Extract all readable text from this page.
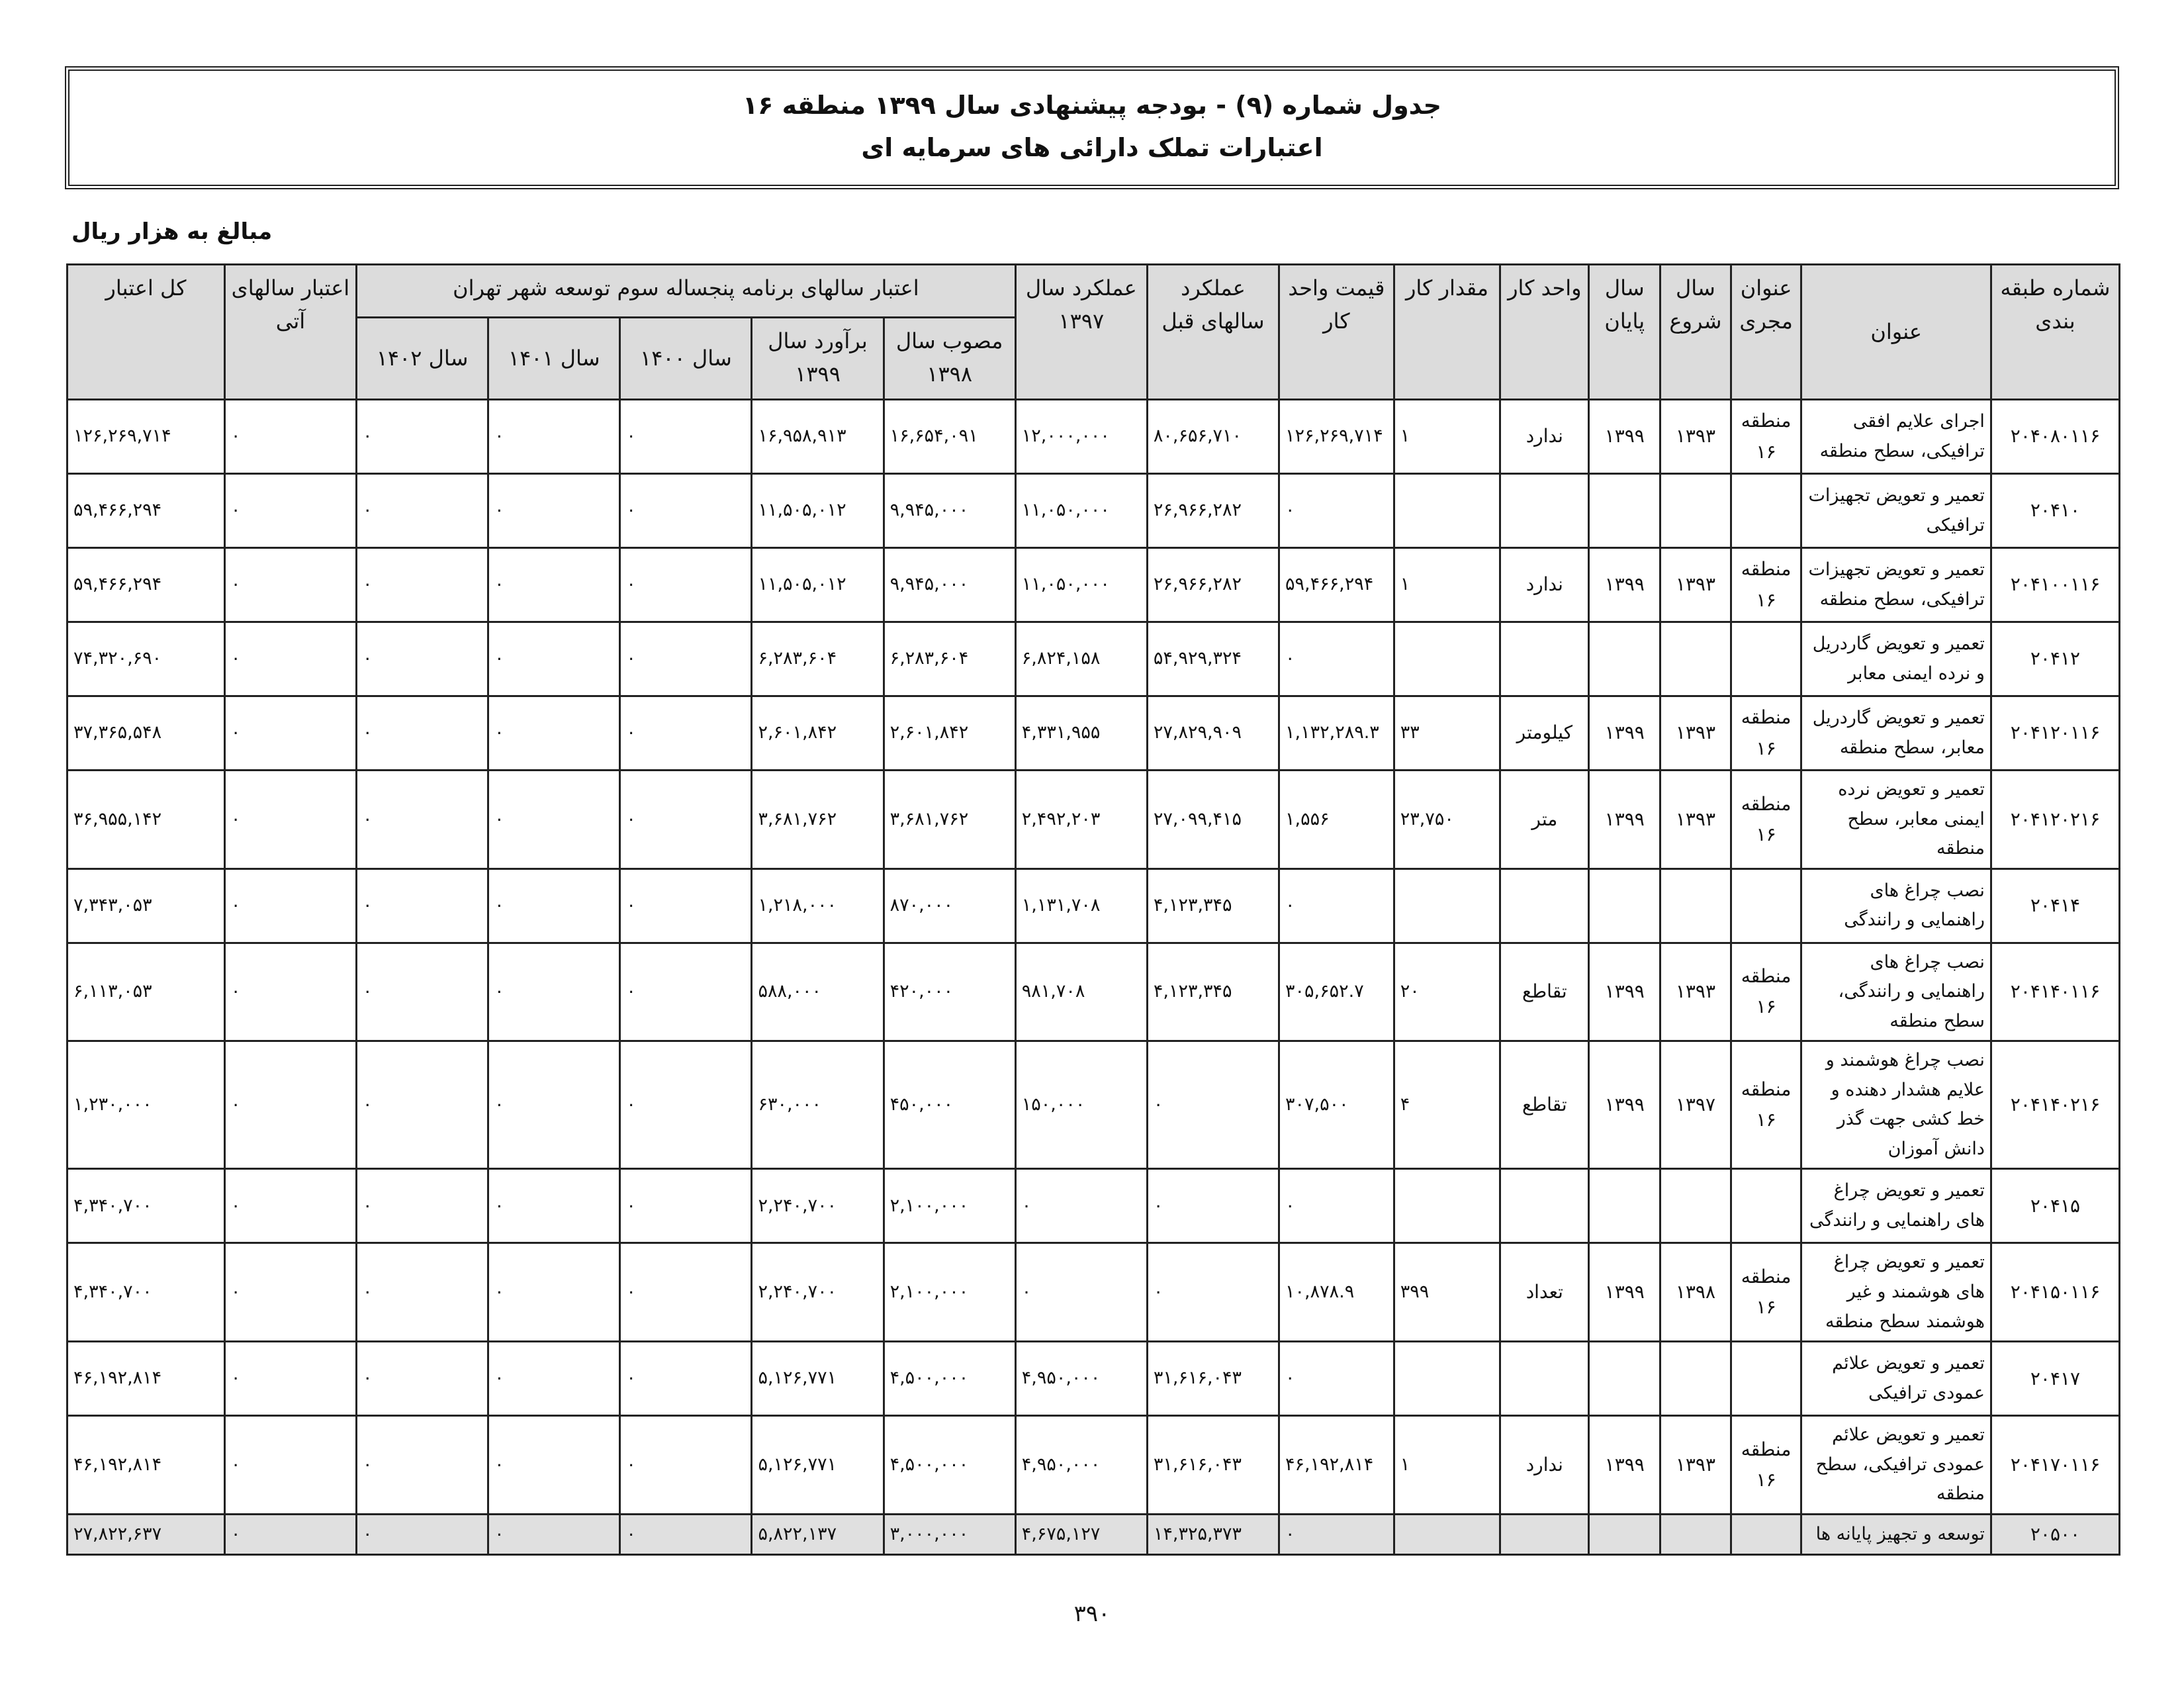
جدول شماره (۹) - بودجه پیشنهادی سال ۱۳۹۹ منطقه ۱۶
اعتبارات تملک دارائی های سرمایه ای
مبالغ به هزار ریال
شماره طبقه بندی	عنوان	عنوان مجری	سال شروع	سال پایان	واحد کار	مقدار کار	قیمت واحد کار	عملکرد سالهای قبل	عملکرد سال ۱۳۹۷	اعتبار سالهای برنامه پنجساله سوم توسعه شهر تهران					اعتبار سالهای آتی	کل اعتبار
										مصوب سال ۱۳۹۸	برآورد سال ۱۳۹۹	سال ۱۴۰۰	سال ۱۴۰۱	سال ۱۴۰۲		
۲۰۴۰۸۰۱۱۶	اجرای علایم افقی ترافیکی، سطح منطقه	منطقه ۱۶	۱۳۹۳	۱۳۹۹	ندارد	۱	۱۲۶,۲۶۹,۷۱۴	۸۰,۶۵۶,۷۱۰	۱۲,۰۰۰,۰۰۰	۱۶,۶۵۴,۰۹۱	۱۶,۹۵۸,۹۱۳	۰	۰	۰	۰	۱۲۶,۲۶۹,۷۱۴
۲۰۴۱۰	تعمیر و تعویض تجهیزات ترافیکی						۰	۲۶,۹۶۶,۲۸۲	۱۱,۰۵۰,۰۰۰	۹,۹۴۵,۰۰۰	۱۱,۵۰۵,۰۱۲	۰	۰	۰	۰	۵۹,۴۶۶,۲۹۴
۲۰۴۱۰۰۱۱۶	تعمیر و تعویض تجهیزات ترافیکی، سطح منطقه	منطقه ۱۶	۱۳۹۳	۱۳۹۹	ندارد	۱	۵۹,۴۶۶,۲۹۴	۲۶,۹۶۶,۲۸۲	۱۱,۰۵۰,۰۰۰	۹,۹۴۵,۰۰۰	۱۱,۵۰۵,۰۱۲	۰	۰	۰	۰	۵۹,۴۶۶,۲۹۴
۲۰۴۱۲	تعمیر و تعویض گاردریل و نرده ایمنی معابر						۰	۵۴,۹۲۹,۳۲۴	۶,۸۲۴,۱۵۸	۶,۲۸۳,۶۰۴	۶,۲۸۳,۶۰۴	۰	۰	۰	۰	۷۴,۳۲۰,۶۹۰
۲۰۴۱۲۰۱۱۶	تعمیر و تعویض گاردریل معابر، سطح منطقه	منطقه ۱۶	۱۳۹۳	۱۳۹۹	کیلومتر	۳۳	۱,۱۳۲,۲۸۹.۳	۲۷,۸۲۹,۹۰۹	۴,۳۳۱,۹۵۵	۲,۶۰۱,۸۴۲	۲,۶۰۱,۸۴۲	۰	۰	۰	۰	۳۷,۳۶۵,۵۴۸
۲۰۴۱۲۰۲۱۶	تعمیر و تعویض نرده ایمنی معابر، سطح منطقه	منطقه ۱۶	۱۳۹۳	۱۳۹۹	متر	۲۳,۷۵۰	۱,۵۵۶	۲۷,۰۹۹,۴۱۵	۲,۴۹۲,۲۰۳	۳,۶۸۱,۷۶۲	۳,۶۸۱,۷۶۲	۰	۰	۰	۰	۳۶,۹۵۵,۱۴۲
۲۰۴۱۴	نصب چراغ های راهنمایی و رانندگی						۰	۴,۱۲۳,۳۴۵	۱,۱۳۱,۷۰۸	۸۷۰,۰۰۰	۱,۲۱۸,۰۰۰	۰	۰	۰	۰	۷,۳۴۳,۰۵۳
۲۰۴۱۴۰۱۱۶	نصب چراغ های راهنمایی و رانندگی، سطح منطقه	منطقه ۱۶	۱۳۹۳	۱۳۹۹	تقاطع	۲۰	۳۰۵,۶۵۲.۷	۴,۱۲۳,۳۴۵	۹۸۱,۷۰۸	۴۲۰,۰۰۰	۵۸۸,۰۰۰	۰	۰	۰	۰	۶,۱۱۳,۰۵۳
۲۰۴۱۴۰۲۱۶	نصب چراغ هوشمند و علایم هشدار دهنده و خط کشی جهت گذر دانش آموزان	منطقه ۱۶	۱۳۹۷	۱۳۹۹	تقاطع	۴	۳۰۷,۵۰۰	۰	۱۵۰,۰۰۰	۴۵۰,۰۰۰	۶۳۰,۰۰۰	۰	۰	۰	۰	۱,۲۳۰,۰۰۰
۲۰۴۱۵	تعمیر و تعویض چراغ های راهنمایی و رانندگی						۰	۰	۰	۲,۱۰۰,۰۰۰	۲,۲۴۰,۷۰۰	۰	۰	۰	۰	۴,۳۴۰,۷۰۰
۲۰۴۱۵۰۱۱۶	تعمیر و تعویض چراغ های هوشمند و غیر هوشمند سطح منطقه	منطقه ۱۶	۱۳۹۸	۱۳۹۹	تعداد	۳۹۹	۱۰,۸۷۸.۹	۰	۰	۲,۱۰۰,۰۰۰	۲,۲۴۰,۷۰۰	۰	۰	۰	۰	۴,۳۴۰,۷۰۰
۲۰۴۱۷	تعمیر و تعویض علائم عمودی ترافیکی						۰	۳۱,۶۱۶,۰۴۳	۴,۹۵۰,۰۰۰	۴,۵۰۰,۰۰۰	۵,۱۲۶,۷۷۱	۰	۰	۰	۰	۴۶,۱۹۲,۸۱۴
۲۰۴۱۷۰۱۱۶	تعمیر و تعویض علائم عمودی ترافیکی، سطح منطقه	منطقه ۱۶	۱۳۹۳	۱۳۹۹	ندارد	۱	۴۶,۱۹۲,۸۱۴	۳۱,۶۱۶,۰۴۳	۴,۹۵۰,۰۰۰	۴,۵۰۰,۰۰۰	۵,۱۲۶,۷۷۱	۰	۰	۰	۰	۴۶,۱۹۲,۸۱۴
۲۰۵۰۰	توسعه و تجهیز پایانه ها						۰	۱۴,۳۲۵,۳۷۳	۴,۶۷۵,۱۲۷	۳,۰۰۰,۰۰۰	۵,۸۲۲,۱۳۷	۰	۰	۰	۰	۲۷,۸۲۲,۶۳۷
۳۹۰
